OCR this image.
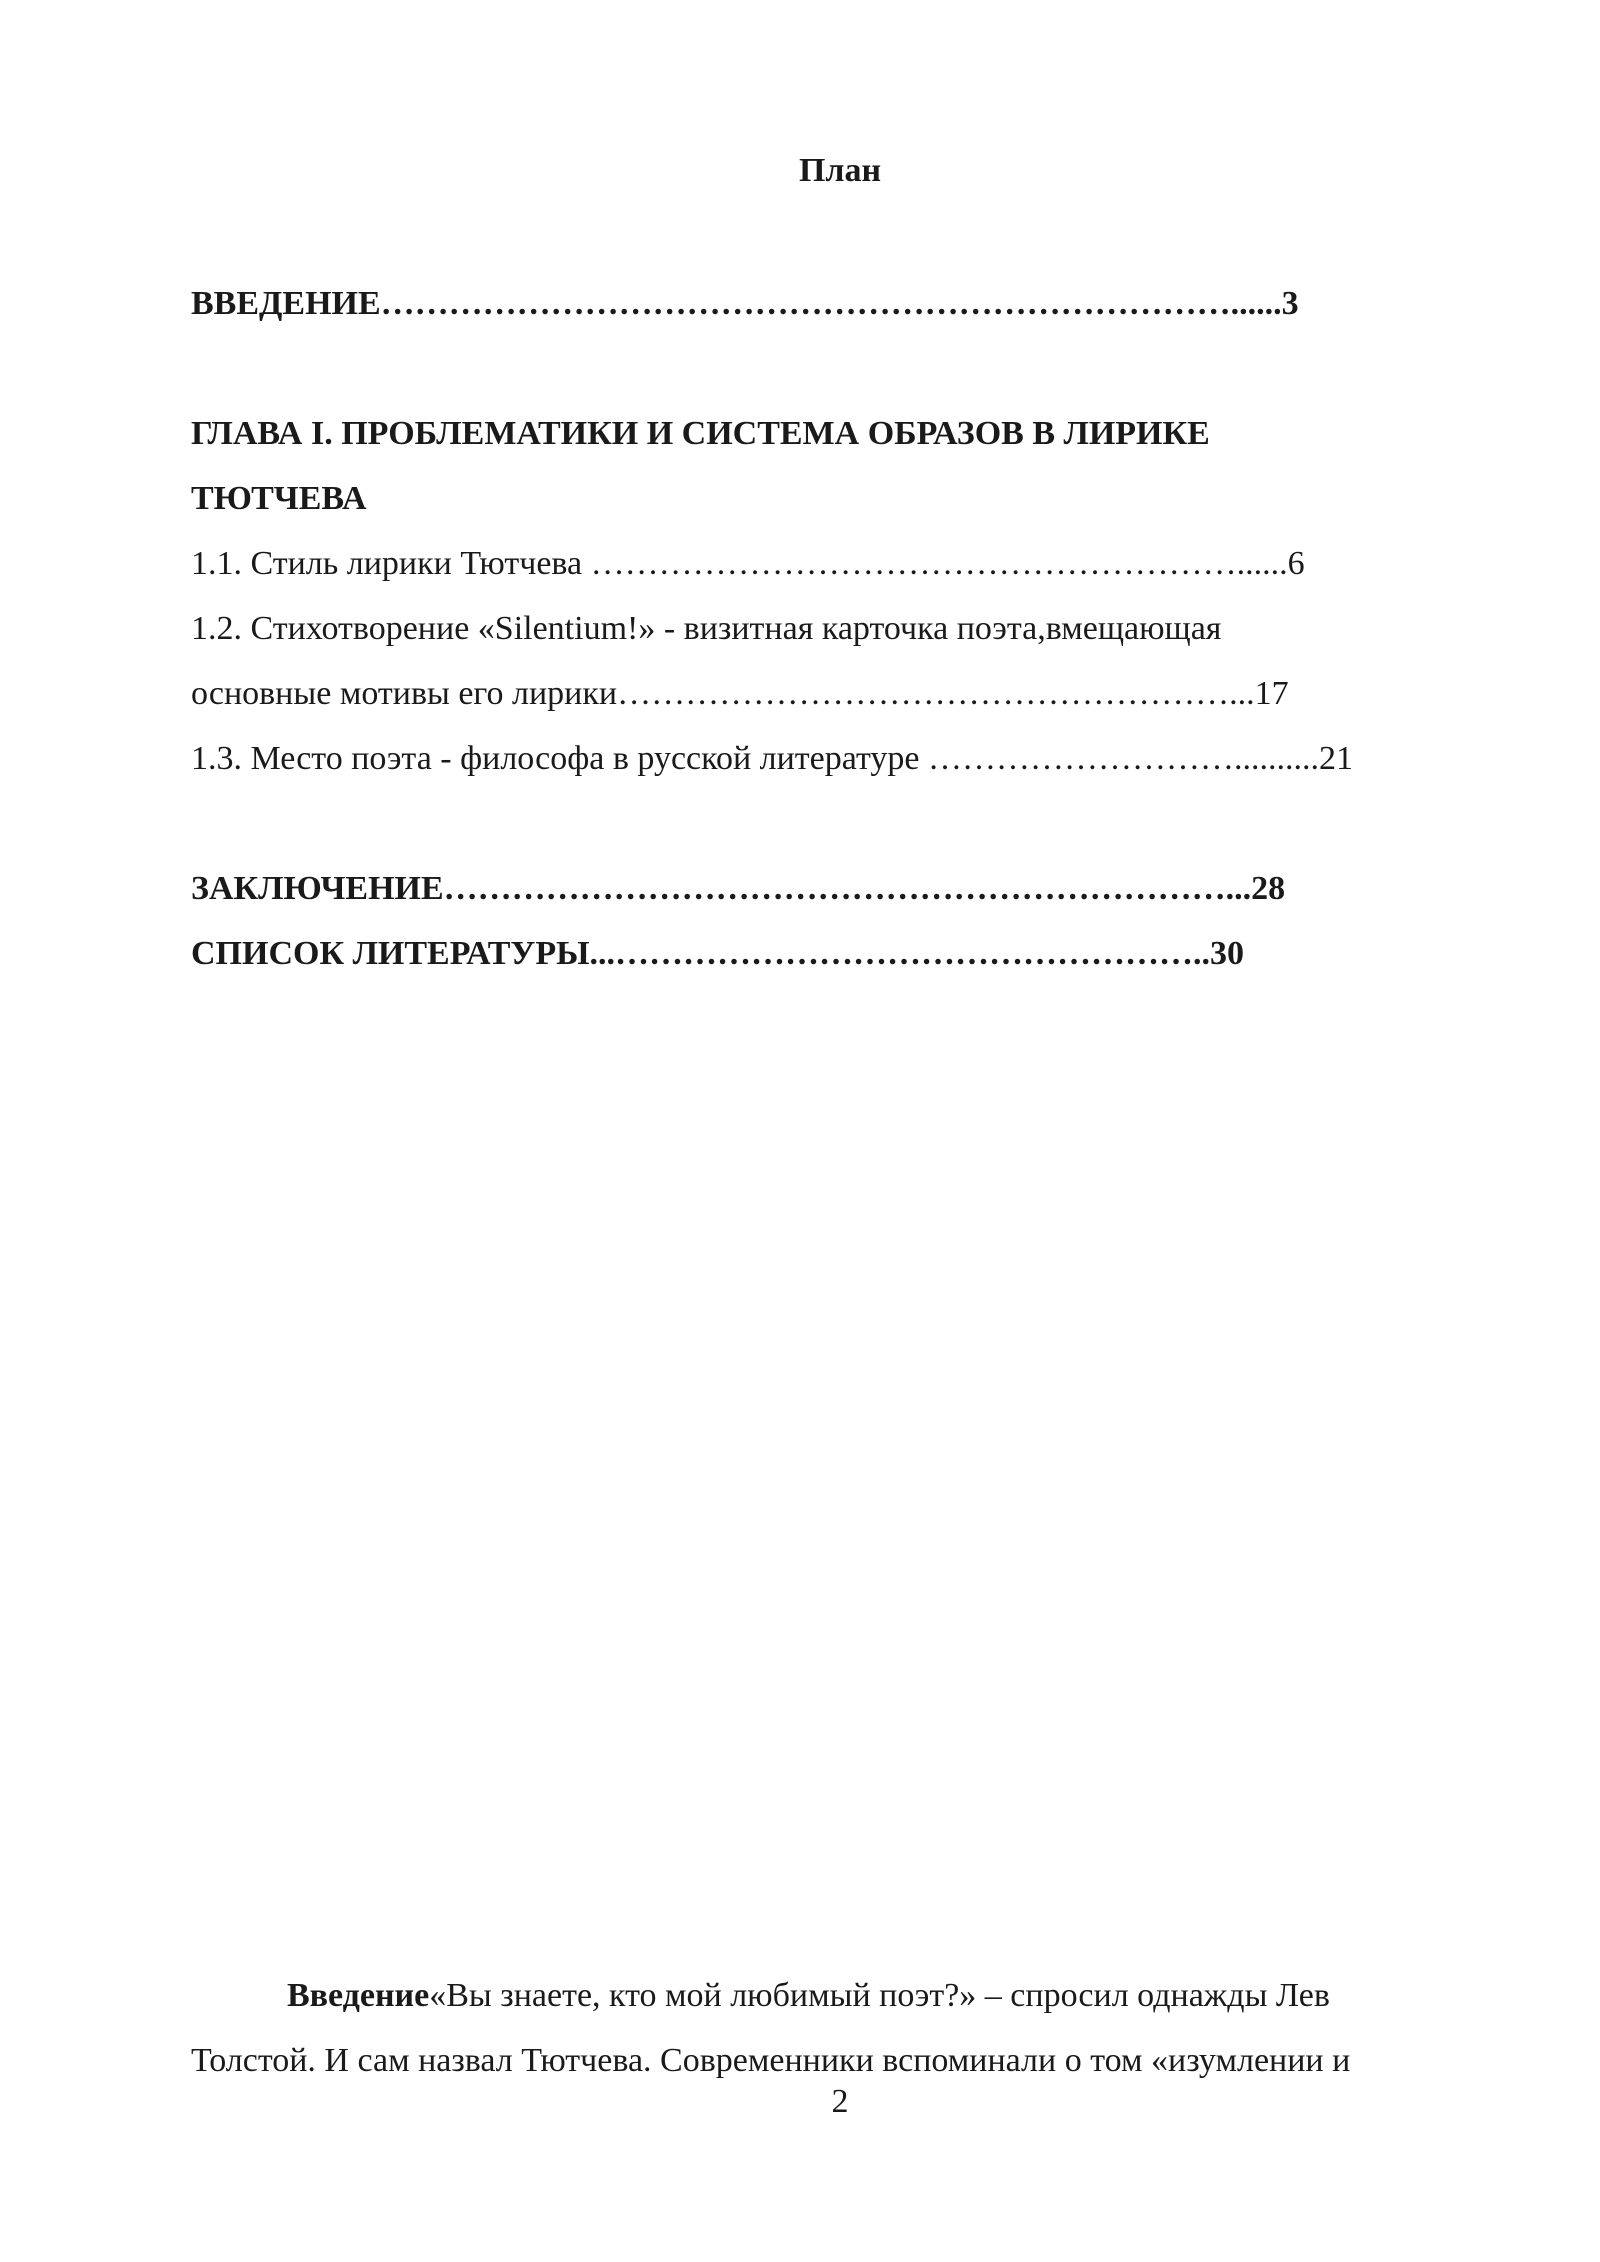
План
ВВЕДЕНИЕ…………………………………………………………………......3
ГЛАВА I. ПРОБЛЕМАТИКИ И СИСТЕМА ОБРАЗОВ В ЛИРИКЕ
ТЮТЧЕВА
1.1. Стиль лирики Тютчева …………………………………………………......6
1.2. Стихотворение «Silentium!» - визитная карточка поэта,вмещающая
основные мотивы его лирики………………………………………………...17
1.3. Место поэта - философа в русской литературе ………………………..........21
ЗАКЛЮЧЕНИЕ……………………………………………………………...28
СПИСОК ЛИТЕРАТУРЫ...……………………………………………..30
Введение«Вы знаете, кто мой любимый поэт?» – спросил однажды Лев
Толстой. И сам назвал Тютчева. Современники вспоминали о том «изумлении и
2
